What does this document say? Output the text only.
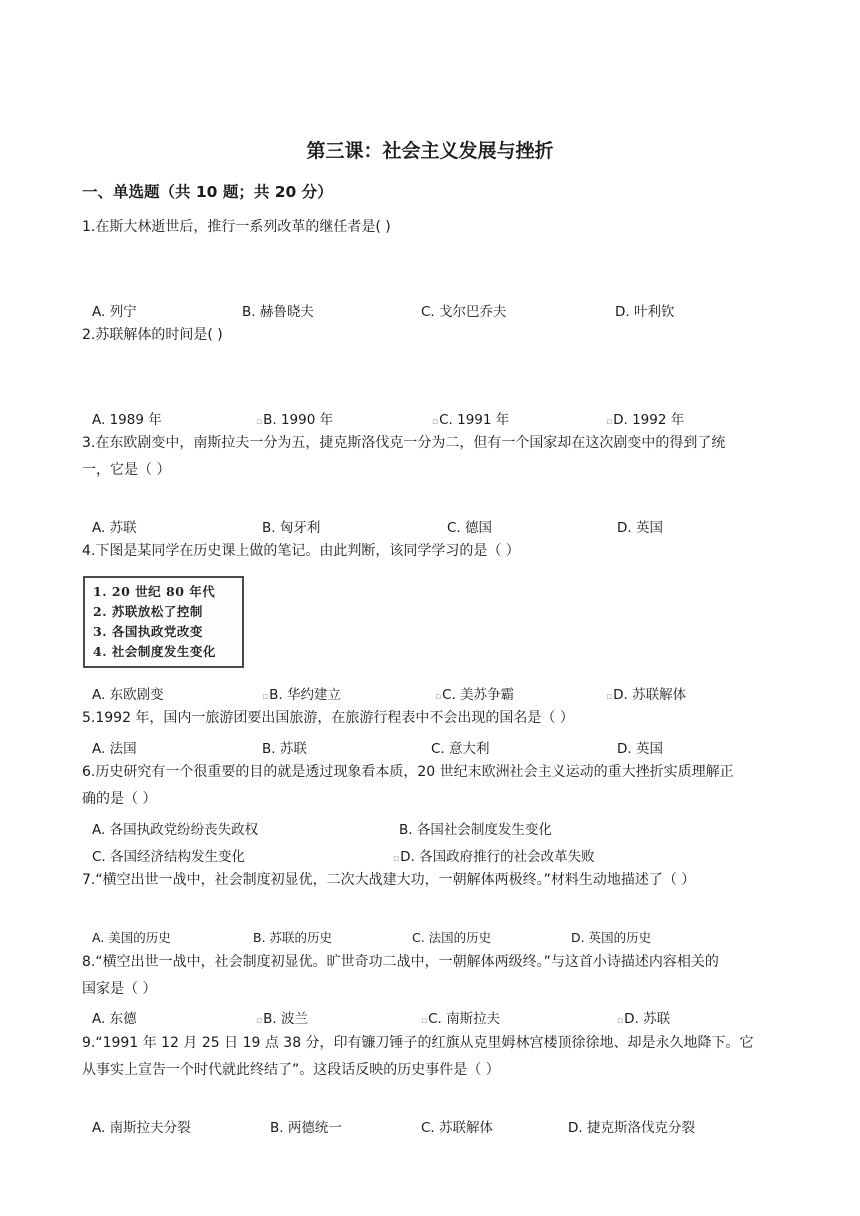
第三课：社会主义发展与挫折
一、单选题（共 10 题；共 20 分）
1.在斯大林逝世后，推行一系列改革的继任者是( )
A. 列宁	B. 赫鲁晓夫	C. 戈尔巴乔夫	D. 叶利钦
2.苏联解体的时间是( )
A. 1989 年	▫B. 1990 年	▫C. 1991 年	▫D. 1992 年
3.在东欧剧变中，南斯拉夫一分为五，捷克斯洛伐克一分为二，但有一个国家却在这次剧变中的得到了统
一，它是（ ）
A. 苏联	B. 匈牙利	C. 德国	D. 英国
4.下图是某同学在历史课上做的笔记。由此判断，该同学学习的是（ ）
1. 20 世纪 80 年代
2. 苏联放松了控制
3. 各国执政党改变
4. 社会制度发生变化
A. 东欧剧变	▫B. 华约建立	▫C. 美苏争霸	▫D. 苏联解体
5.1992 年，国内一旅游团要出国旅游，在旅游行程表中不会出现的国名是（ ）
A. 法国	B. 苏联	C. 意大利	D. 英国
6.历史研究有一个很重要的目的就是透过现象看本质，20 世纪末欧洲社会主义运动的重大挫折实质理解正
确的是（ ）
A. 各国执政党纷纷丧失政权	B. 各国社会制度发生变化
C. 各国经济结构发生变化	▫D. 各国政府推行的社会改革失败
7.“横空出世一战中，社会制度初显优，二次大战建大功，一朝解体两极终。”材料生动地描述了（ ）
A. 美国的历史	B. 苏联的历史	C. 法国的历史	D. 英国的历史
8.“横空出世一战中，社会制度初显优。旷世奇功二战中，一朝解体两级终。”与这首小诗描述内容相关的
国家是（ ）
A. 东德	▫B. 波兰	▫C. 南斯拉夫	▫D. 苏联
9.“1991 年 12 月 25 日 19 点 38 分，印有镰刀锤子的红旗从克里姆林宫楼顶徐徐地、却是永久地降下。它
从事实上宣告一个时代就此终结了”。这段话反映的历史事件是（ ）
A. 南斯拉夫分裂	B. 两德统一	C. 苏联解体	D. 捷克斯洛伐克分裂
